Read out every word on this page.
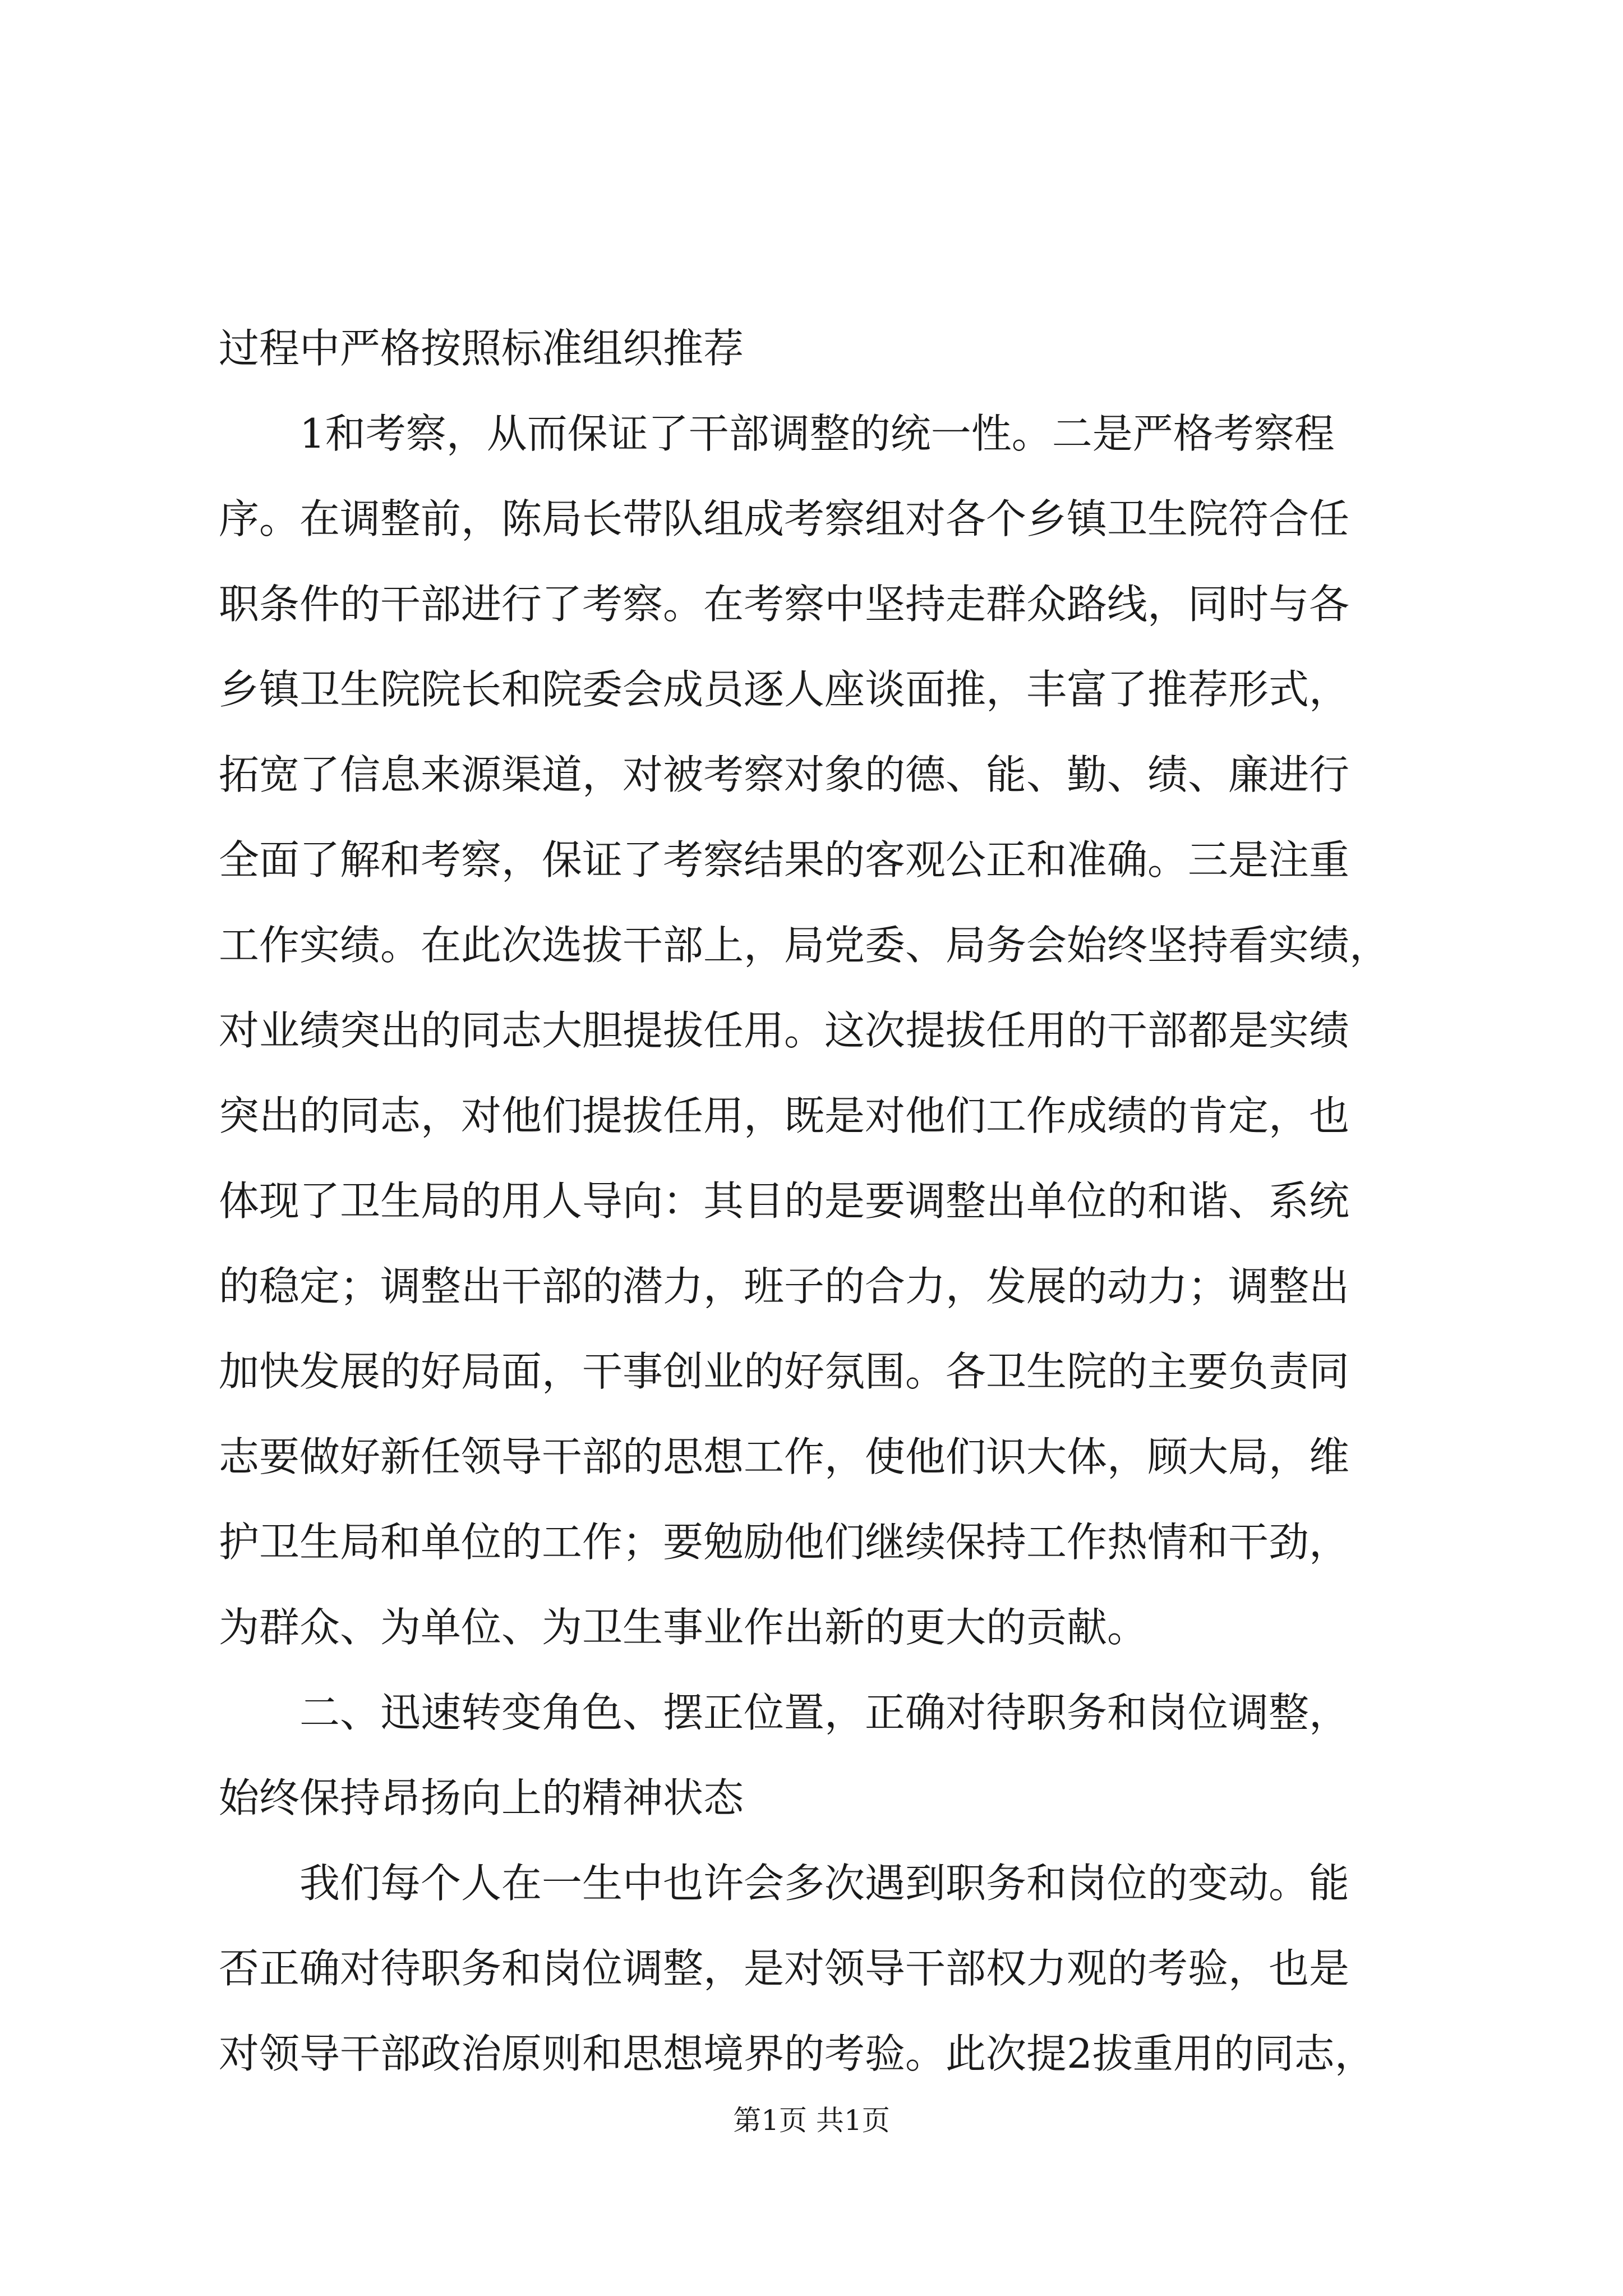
过程中严格按照标准组织推荐
　　1和考察，从而保证了干部调整的统一性。二是严格考察程
序。在调整前，陈局长带队组成考察组对各个乡镇卫生院符合任
职条件的干部进行了考察。在考察中坚持走群众路线，同时与各
乡镇卫生院院长和院委会成员逐人座谈面推，丰富了推荐形式，
拓宽了信息来源渠道，对被考察对象的德、能、勤、绩、廉进行
全面了解和考察，保证了考察结果的客观公正和准确。三是注重
工作实绩。在此次选拔干部上，局党委、局务会始终坚持看实绩，
对业绩突出的同志大胆提拔任用。这次提拔任用的干部都是实绩
突出的同志，对他们提拔任用，既是对他们工作成绩的肯定，也
体现了卫生局的用人导向：其目的是要调整出单位的和谐、系统
的稳定；调整出干部的潜力，班子的合力，发展的动力；调整出
加快发展的好局面，干事创业的好氛围。各卫生院的主要负责同
志要做好新任领导干部的思想工作，使他们识大体，顾大局，维
护卫生局和单位的工作；要勉励他们继续保持工作热情和干劲，
为群众、为单位、为卫生事业作出新的更大的贡献。
　　二、迅速转变角色、摆正位置，正确对待职务和岗位调整，
始终保持昂扬向上的精神状态
　　我们每个人在一生中也许会多次遇到职务和岗位的变动。能
否正确对待职务和岗位调整，是对领导干部权力观的考验，也是
对领导干部政治原则和思想境界的考验。此次提2拔重用的同志，
第1页 共1页
